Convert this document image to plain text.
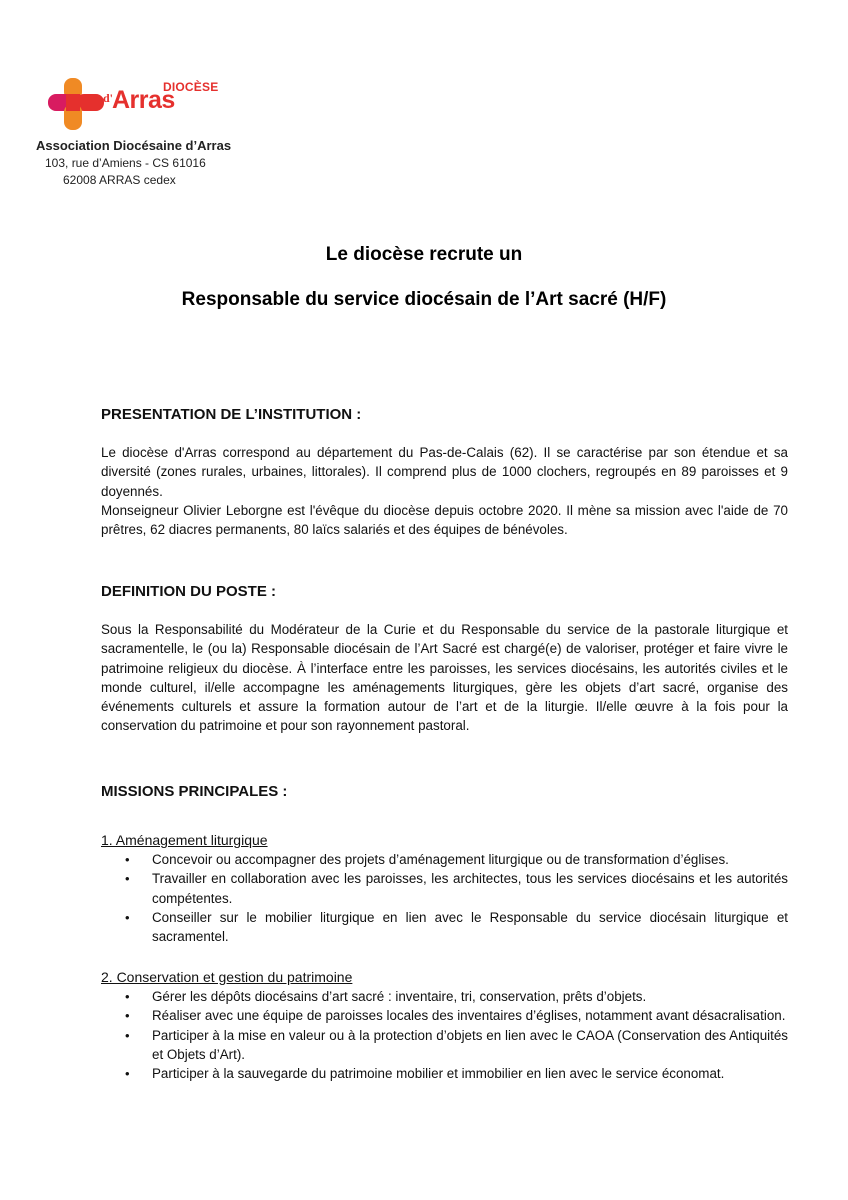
DIOCÈSE
d'
Arras
Association Diocésaine d’Arras
103, rue d’Amiens - CS 61016
62008 ARRAS cedex
Le diocèse recrute un
Responsable du service diocésain de l’Art sacré (H/F)
PRESENTATION DE L’INSTITUTION :

Le diocèse d'Arras correspond au département du Pas-de-Calais (62). Il se caractérise par son étendue et sa diversité (zones rurales, urbaines, littorales). Il comprend plus de 1000 clochers, regroupés en 89 paroisses et 9 doyennés.

Monseigneur Olivier Leborgne est l'évêque du diocèse depuis octobre 2020. Il mène sa mission avec l'aide de 70 prêtres, 62 diacres permanents, 80 laïcs salariés et des équipes de bénévoles.

DEFINITION DU POSTE :

Sous la Responsabilité du Modérateur de la Curie et du Responsable du service de la pastorale liturgique et sacramentelle, le (ou la) Responsable diocésain de l’Art Sacré est chargé(e) de valoriser, protéger et faire vivre le patrimoine religieux du diocèse. À l’interface entre les paroisses, les services diocésains, les autorités civiles et le monde culturel, il/elle accompagne les aménagements liturgiques, gère les objets d’art sacré, organise des événements culturels et assure la formation autour de l’art et de la liturgie. Il/elle œuvre à la fois pour la conservation du patrimoine et pour son rayonnement pastoral.

MISSIONS PRINCIPALES :
1. Aménagement liturgique
• Concevoir ou accompagner des projets d’aménagement liturgique ou de transformation d’églises.
• Travailler en collaboration avec les paroisses, les architectes, tous les services diocésains et les autorités compétentes.
• Conseiller sur le mobilier liturgique en lien avec le Responsable du service diocésain liturgique et sacramentel.
2. Conservation et gestion du patrimoine
• Gérer les dépôts diocésains d’art sacré : inventaire, tri, conservation, prêts d’objets.
• Réaliser avec une équipe de paroisses locales des inventaires d’églises, notamment avant désacralisation.
• Participer à la mise en valeur ou à la protection d’objets en lien avec le CAOA (Conservation des Antiquités et Objets d’Art).
• Participer à la sauvegarde du patrimoine mobilier et immobilier en lien avec le service économat.
